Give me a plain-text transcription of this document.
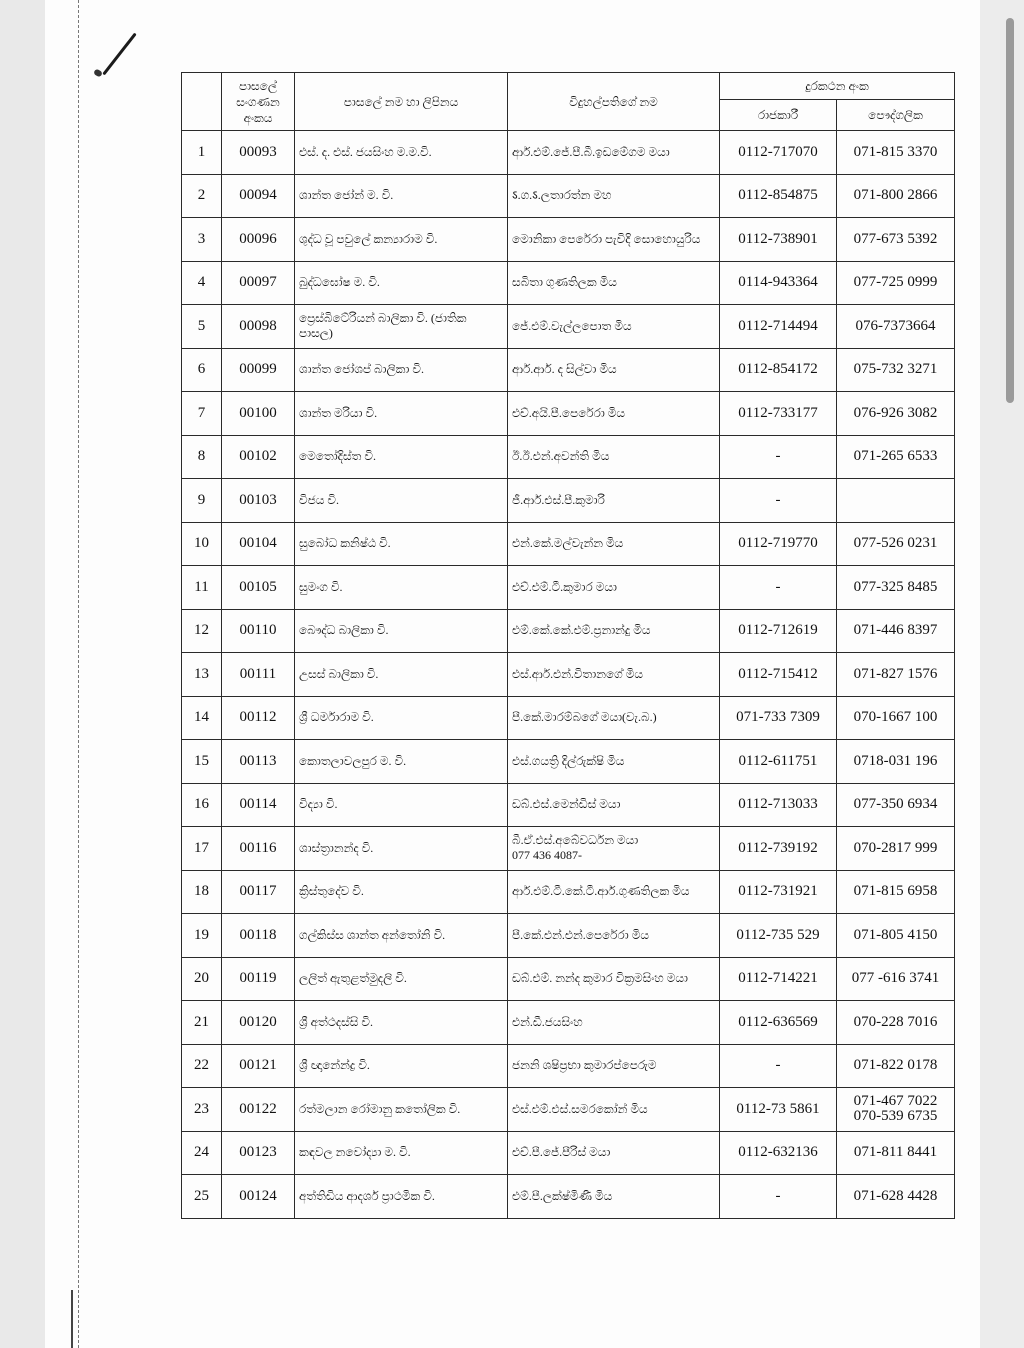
	පාසලේ සංගණන අංකය	පාසලේ නම හා ලිපිනය	විදුහල්පතිගේ නම	දුරකථන අංක	
				රාජකාරී	පෞද්ගලික
1	00093	එස්. ද. එස්. ජයසිංහ ම.ම.වි.	ආර්.එම්.ජේ.පී.බී.ඉඩමේගම මයා	0112-717070	071-815 3370

2	00094	ශාන්ත ජෝන් ම. වි.	ऽ.ග.ऽ.ලතාරත්න මහ	0112-854875	071-800 2866

3	00096	ශුද්ධ වූ පවුලේ කන්‍යාරාම වි.	මොනිකා පෙරේරා පැවිදි සොහොයුරිය	0112-738901	077-673 5392

4	00097	බුද්ධඝෝෂ ම. වි.	සබිතා ගුණතිලක මිය	0114-943364	077-725 0999

5	00098	ප්‍රෙස්බිටේරියන් බාලිකා වි. (ජාතික පාසල)	ජේ.එම්.වැල්ලපොත මිය	0112-714494	076-7373664

6	00099	ශාන්ත ජෝශප් බාලිකා වි.	ආර්.ආර්. ද සිල්වා මිය	0112-854172	075-732 3271

7	00100	ශාන්ත මරියා වි.	එච්.අයි.පී.පෙරේරා මිය	0112-733177	076-926 3082

8	00102	මෙතෝදිස්ත වි.	ඊ.ඊ.එන්.අවන්ති මිය	-	071-265 6533

9	00103	විජය වි.	ජී.ආර්.එස්.පී.කුමාරි	-	

10	00104	සුබෝධ කනිෂ්ඨ වි.	එන්.කේ.මල්වැන්න මිය	0112-719770	077-526 0231

11	00105	සුමංග වි.	එච්.එම්.ටී.කුමාර මයා	-	077-325 8485

12	00110	බෞද්ධ බාලිකා වි.	එම්.කේ.කේ.එම්.ප්‍රනාන්දු මිය	0112-712619	071-446 8397

13	00111	උසස් බාලිකා වි.	එස්.ආර්.එන්.විතානගේ මිය	0112-715412	071-827 1576

14	00112	ශ්‍රී ධර්මාරාම වි.	පී.කේ.මාරම්බගේ මයා(වැ.බ.)	071-733 7309	070-1667 100

15	00113	කොතලාවලපුර ම. වි.	එස්.ගයත්‍රි දිල්රුක්ෂි මිය	0112-611751	0718-031 196

16	00114	විද්‍යා වි.	ඩබ්.එස්.මෙන්ඩිස් මයා	0112-713033	077-350 6934

17	00116	ශාස්ත්‍රානන්ද වි.	බී.ඒ.එස්.අබේවර්ධන මයා
077 436 4087-	0112-739192	070-2817 999

18	00117	ක්‍රිස්තුදේව වි.	ආර්.එම්.ටී.කේ.ටී.ආර්.ගුණතිලක මිය	0112-731921	071-815 6958

19	00118	ගල්කිස්ස ශාන්ත අන්තෝනි වි.	පී.කේ.එන්.එන්.පෙරේරා මිය	0112-735 529	071-805 4150

20	00119	ලලිත් ඇතුළත්මුදලි වි.	ඩබ්.එම්. නන්ද කුමාර වික්‍රමසිංහ මයා	0112-714221	077 -616 3741

21	00120	ශ්‍රී අත්ථදස්සි වි.	එන්.ඩී.ජයසිංහ	0112-636569	070-228 7016

22	00121	ශ්‍රී ඥානේන්ද්‍ර වි.	ජනනි ශෂිප්‍රභා කුමාරප්පෙරුම	-	071-822 0178

23	00122	රත්මලාන රෝමානු කතෝලික වි.	එස්.එම්.එස්.සමරකෝන් මිය	0112-73 5861	071-467 7022
070-539 6735

24	00123	කඳවල නවෝද්‍යා ම. වි.	එච්.පී.ජේ.පීරිස් මයා	0112-632136	071-811 8441

25	00124	අත්තිඩිය ආදර්ශ ප්‍රාථමික වි.	එම්.පී.ලක්ෂ්මිණී මිය	-	071-628 4428
